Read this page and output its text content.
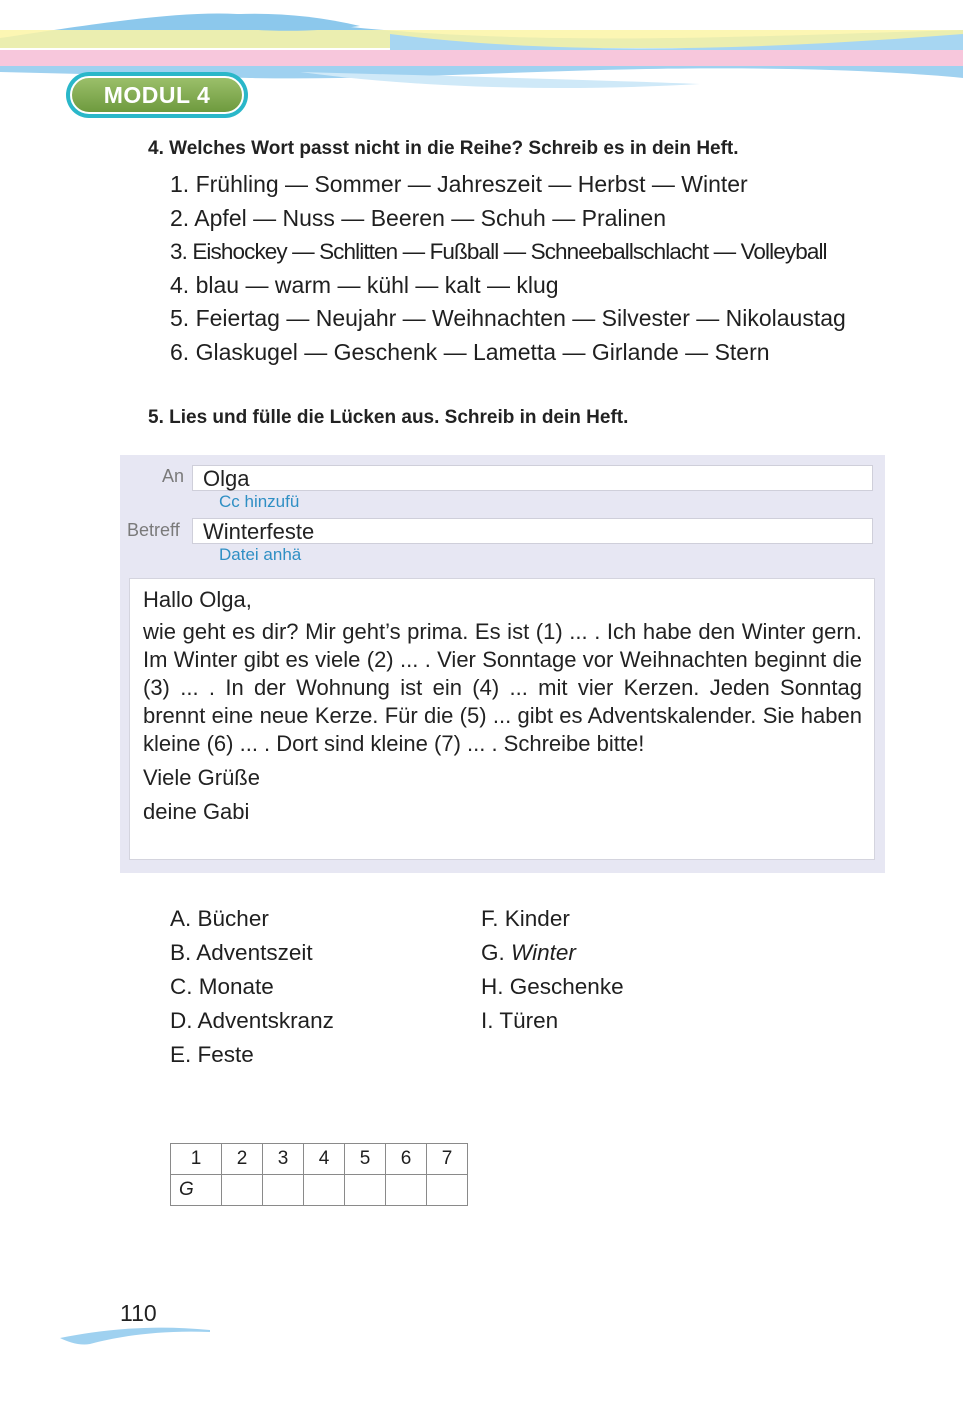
MODUL 4
4. Welches Wort passt nicht in die Reihe? Schreib es in dein Heft.
1. Frühling — Sommer — Jahreszeit — Herbst — Winter
2. Apfel — Nuss — Beeren — Schuh — Pralinen
3. Eishockey — Schlitten — Fußball — Schneeballschlacht — Volleyball
4. blau — warm — kühl — kalt — klug
5. Feiertag — Neujahr — Weihnachten — Silvester — Nikolaustag
6. Glaskugel — Geschenk — Lametta — Girlande — Stern
5. Lies und fülle die Lücken aus. Schreib in dein Heft.
An Olga
Cc hinzufü
Betreff	Winterfeste
Datei anhä

Hallo Olga,

wie geht es dir? Mir geht’s prima. Es ist (1) ... . Ich habe den Winter gern. Im Winter gibt es viele (2) ... . Vier Sonntage vor Weihnachten beginnt die (3) ... . In der Wohnung ist ein (4) ... mit vier Kerzen. Jeden Sonntag brennt eine neue Kerze. Für die (5) ... gibt es Adventskalender. Sie haben kleine (6) ... . Dort sind kleine (7) ... . Schreibe bitte!

Viele Grüße

deine Gabi

A. Bücher
B. Adventszeit
C. Monate
D. Adventskranz
E. Feste
F. Kinder
G. Winter
H. Geschenke
I. Türen
1	2	3	4	5	6	7
G						
110
